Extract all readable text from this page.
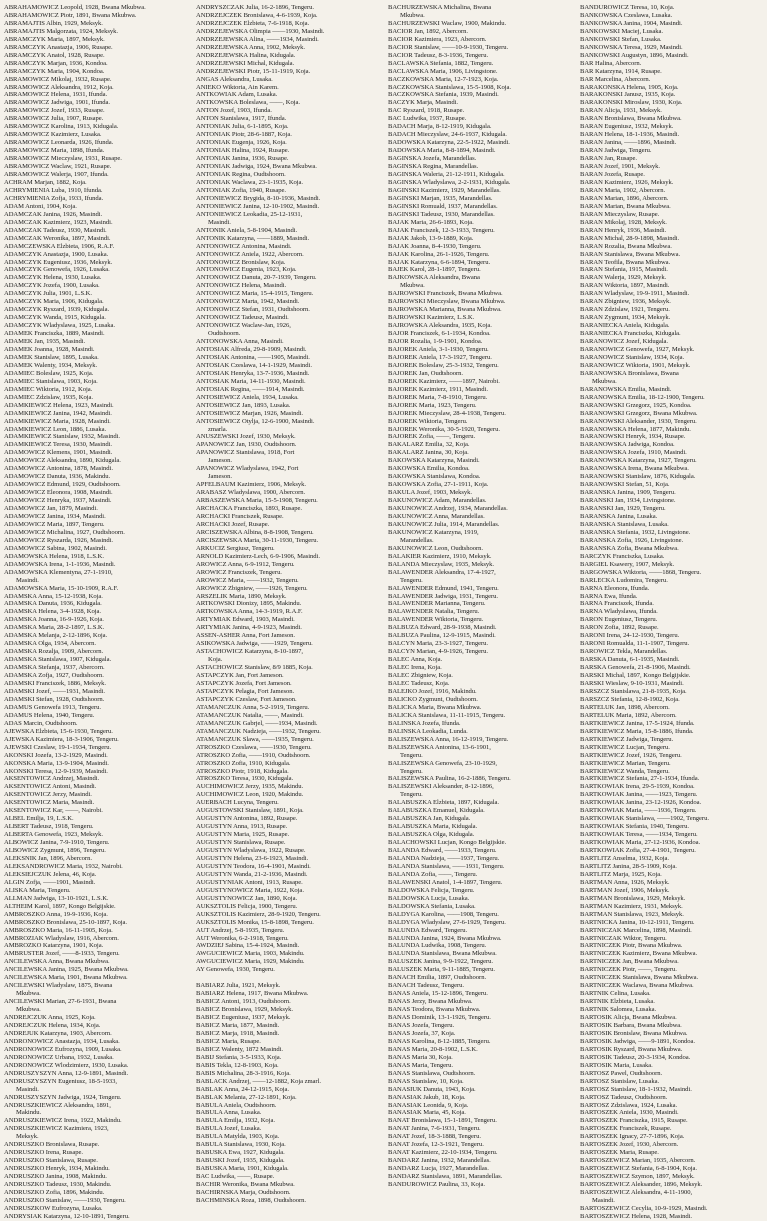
ABRAHAMOWICZ Leopold, 1928, Bwana Mkubwa.
ABRAHAMOWICZ Piotr, 1891, Bwana Mkubwa.
ABRAMAJTIS Albin, 1929, Meksyk.
ABRAMAJTIS Malgorzata, 1924, Meksyk.
ABRAMCZYK Maria, 1897, Meksyk.
ABRAMCZYK Anastazja, 1906, Rusape.
ABRAMCZYK Anatol, 1928, Rusape.
ABRAMCZYK Marjan, 1936, Kondoa.
ABRAMCZYK Maria, 1904, Kondoa.
ABRAMOWICZ Mikolaj, 1932, Rusape.
ABRAMOWICZ Aleksandra, 1912, Koja.
ABRAMOWICZ Helena, 1931, Ifunda.
ABRAMOWICZ Jadwiga, 1901, Ifunda.
ABRAMOWICZ Jozef, 1933, Rusape.
ABRAMOWICZ Julia, 1907, Rusape.
ABRAMOWICZ Karolina, 1913, Kidugala.
ABRAMOWICZ Kazimierz, Lusaka.
ABRAMOWICZ Leonarda, 1926, Ifunda.
ABRAMOWICZ Maria, 1898, Ifunda.
ABRAMOWICZ Mieczyslaw, 1931, Rusape.
ABRAMOWICZ Waclaw, 1921, Rusape.
ABRAMOWICZ Walerja, 1907, Ifunda.
ACHRAM Marjan, 1882, Koja.
ACHRYMIENIA Luba, 1910, Ifunda.
ACHRYMIENIA Zofja, 1933, Ifunda.
ADAM Antoni, 1904, Koja.
ADAMCZAK Janina, 1926, Masindi.
ADAMCZAK Kazimierz, 1923, Masindi.
ADAMCZAK Tadeusz, 1930, Masindi.
ADAMCZAK Weronika, 1897, Masindi.
ADAMCZEWSKA Elzbieta, 1906, R.A.F.
ADAMCZYK Anastazja, 1900, Lusaka.
ADAMCZYK Eugeniusz, 1936, Meksyk.
ADAMCZYK Genowefa, 1926, Lusaka.
ADAMCZYK Helena, 1930, Lusaka.
ADAMCZYK Jozefa, 1900, Lusaka.
ADAMCZYK Julia, 1901, L.S.K.
ADAMCZYK Maria, 1906, Kidugala.
ADAMCZYK Ryszard, 1939, Kidugala.
ADAMCZYK Wanda, 1915, Kidugala.
ADAMCZYK Wladyslawa, 1925, Lusaka.
ADAMEK Franciszka, 1889, Masindi.
ADAMEK Jan, 1935, Masindi.
ADAMEK Joanna, 1928, Masindi.
ADAMEK Stanislaw, 1895, Lusaka.
ADAMEK Walenty, 1934, Meksyk.
ADAMIEC Boleslaw, 1925, Koja.
ADAMIEC Stanislawa, 1903, Koja.
ADAMIEC Wiktoria, 1912, Koja.
ADAMIEC Zdzislaw, 1935, Koja.
ADAMKIEWICZ Helena, 1923, Masindi.
ADAMKIEWICZ Janina, 1942, Masindi.
ADAMKIEWICZ Maria, 1928, Masindi.
ADAMKIEWICZ Leon, 1886, Lusaka.
ADAMKIEWICZ Stanislaw, 1932, Masindi.
ADAMKIEWICZ Teresa, 1930, Masindi.
ADAMOWICZ Klemens, 1901, Masindi.
ADAMOWICZ Aleksandra, 1890, Kidugala.
ADAMOWICZ Antonina, 1878, Masindi.
ADAMOWICZ Danuta, 1936, Makindu.
ADAMOWICZ Edmund, 1929, Oudtshoorn.
ADAMOWICZ Eleonora, 1908, Masindi.
ADAMOWICZ Henryka, 1937, Masindi.
ADAMOWICZ Jan, 1879, Masindi.
ADAMOWICZ Janina, 1934, Masindi.
ADAMOWICZ Maria, 1897, Tengeru.
ADAMOWICZ Michalina, 1927, Oudtshoorn.
ADAMOWICZ Ryszarda, 1926, Masindi.
ADAMOWICZ Sabina, 1902, Masindi.
ADAMOWSKA Helena, 1918, L.S.K.
ADAMOWSKA Irena, 1-1-1936, Masindi.
ADAMOWSKA Klementyna, 27-1-1910,
Masindi.
ADAMOWSKA Maria, 15-10-1909, R.A.F.
ADAMSKA Anna, 15-12-1938, Koja.
ADAMSKA Danuta, 1936, Kidugala.
ADAMSKA Helena, 3-4-1928, Koja.
ADAMSKA Joanna, 16-9-1926, Koja.
ADAMSKA Maria, 28-2-1897, L.S.K.
ADAMSKA Melanja, 2-12-1896, Koja.
ADAMSKA Olga, 1934, Abercorn.
ADAMSKA Rozalja, 1909, Abercorn.
ADAMSKA Stanislawa, 1907, Kidugala.
ADAMSKA Stefanja, 1937, Abercorn.
ADAMSKA Zofja, 1927, Oudtshoorn.
ADAMSKI Franciszek, 1886, Meksyk.
ADAMSKI Jozef, ——1931, Masindi.
ADAMSKI Stefan, 1928, Oudtshoorn.
ADAMUS Genowefa 1913, Tengeru.
ADAMUS Helena, 1940, Tengeru.
ADAS Marcin, Oudtshoorn.
AJEWSKA Elzbieta, 15-6-1930, Tengeru.
AJEWSKA Kazimiera, 18-3-1906, Tengeru.
AJEWSKI Czeslaw, 19-1-1934, Tengeru.
AKONSKI Jozefa, 13-2-1929, Masindi.
AKONSKA Maria, 13-9-1904, Masindi.
AKONSKI Teresa, 12-9-1939, Masindi.
AKSENTOWICZ Andrzej, Masindi.
AKSENTOWICZ Antoni, Masindi.
AKSENTOWICZ Jerzy, Masindi.
AKSENTOWICZ Maria, Masindi.
AKSENTOWICZ Kar, ——, Nairobi.
ALBEL Emilja, 19, L.S.K.
ALBERT Tadeusz, 1918, Tengeru.
ALBERTA Genowefa, 1923, Meksyk.
ALBOWICZ Janina, 7-9-1910, Tengeru.
ALBOWICZ Zygmunt, 1896, Tengeru.
ALEKSNIK Jan, 1896, Abercorn.
ALEKSANDROWICZ Maria, 1932, Nairobi.
ALEKSIEJCZUK Jelena, 46, Koja.
ALGIN Zofja, ——1901, Masindi.
ALISKA Maria, Tengeru.
ALLMAN Jadwiga, 13-10-1921, L.S.K.
ALTHEIM Karol, 1897, Kongo Belgijskie.
AMBROSZKO Anna, 19-9-1936, Koja.
AMBROSZKO Bronislawa, 25-10-1897, Koja.
AMBROSZKO Maria, 16-11-1905, Koja.
AMBROZIAK Wladyslaw, 1916, Abercorn.
AMBROZKO Katarzyna, 1901, Koja.
AMBRUSTER Jozef, ——8-1933, Tengeru.
ANCILEWSKA Anna, Bwana Mkubwa.
ANCILEWSKA Janina, 1925, Bwana Mkubwa.
ANCILEWSKA Maria, 1901, Bwana Mkubwa.
ANCILEWSKI Wladyslaw, 1875, Bwana
Mkubwa.
ANCILEWSKI Marian, 27-6-1931, Bwana
Mkubwa.
ANDREJCZUK Anna, 1925, Koja.
ANDREJCZUK Helena, 1934, Koja.
ANDREJUK Katarzyna, 1903, Abercorn.
ANDRONOWICZ Anastazja, 1934, Lusaka.
ANDRONOWICZ Eufrozyna, 1909, Lusaka.
ANDRONOWICZ Urbana, 1932, Lusaka.
ANDRONOWICZ Wlodzimierz, 1930, Lusaka.
ANDRUSZYSZYN Anna, 12-9-1891, Masindi.
ANDRUSZYSZYN Eugeniusz, 18-5-1933,
Masindi.
ANDRUSZYSZYN Jadwiga, 1924, Tengeru.
ANDRUSZKIEWICZ Aleksandra, 1891,
Makindu.
ANDRUSZKIEWICZ Irena, 1922, Makindu.
ANDRUSZKIEWICZ Kazimiera, 1923,
Meksyk.
ANDRUSZKO Bronislawa, Rusape.
ANDRUSZKO Irena, Rusape.
ANDRUSZKO Stanislawa, Rusape.
ANDRUSZKO Henryk, 1934, Makindu.
ANDRUSZKO Janina, 1908, Makindu.
ANDRUSZKO Tadeusz, 1930, Makindu.
ANDRUSZKO Zofia, 1896, Makindu.
ANDRUSZKO Stanislaw, ——1930, Tengeru.
ANDRUSZKOW Eufrozyna, Lusaka.
ANDRYSIAK Katarzyna, 12-10-1891, Tengeru.
ANDRYSZCZAK Julia, 16-2-1896, Tengeru.
ANDRZEJCZEK Bronislawa, 4-6-1939, Koja.
ANDRZEJCZEK Elzbieta, 7-6-1918, Koja.
ANDRZEJEWSKA Olimpia ——1930, Masindi.
ANDRZEJEWSKA Alina, ——1934, Masindi.
ANDRZEJEWSKA Anna, 1902, Meksyk.
ANDRZEJEWSKA Halina, Kidugala.
ANDRZEJEWSKI Michal, Kidugala.
ANDRZEJEWSKI Piotr, 15-11-1919, Koja.
ANGAS Aleksandra, Lusaka.
ANIEKO Wiktoria, Ain Karem.
ANTKOWIAK Adam, Lusaka.
ANTKOWSKA Boleslawa, ——, Koja.
ANTON Jozef, 1903, Ifunda.
ANTON Stanislawa, 1917, Ifunda.
ANTONIAK Julia, 6-1-1895, Koja.
ANTONIAK Piotr, 28-6-1887, Koja.
ANTONIAK Eugenja, 1926, Koja.
ANTONIAK Halina, 1924, Rusape.
ANTONIAK Janina, 1936, Rusape.
ANTONIAK Jadwiga, 1924, Bwana Mkubwa.
ANTONIAK Regina, Oudtshoorn.
ANTONIAK Waclawa, 23-1-1935, Koja.
ANTONIAK Zofia, 1940, Rusape.
ANTONIEWICZ Brygida, 8-10-1936, Masindi.
ANTONIEWICZ Janina, 12-10-1902, Masindi.
ANTONIEWICZ Leokadia, 25-12-1931,
Masindi.
ANTONIK Aniela, 5-8-1904, Masindi.
ANTONIK Katarzyna, ——1889, Masindi.
ANTONOWICZ Antonina, Masindi.
ANTONOWICZ Aniela, 1922, Abercorn.
ANTONOWICZ Bronislaw, Koja.
ANTONOWICZ Eugenia, 1923, Koja.
ANTONOWICZ Danuta, 20-7-1939, Tengeru.
ANTONOWICZ Helena, Masindi.
ANTONOWICZ Maria, 15-4-1915, Tengeru.
ANTONOWICZ Marta, 1942, Masindi.
ANTONOWICZ Stefan, 1931, Oudtshoorn.
ANTONOWICZ Tadeusz, Masindi.
ANTONOWICZ Waclaw-Jan, 1926,
Oudtshoorn.
ANTONOWSKA Anna, Masindi.
ANTOSIAK Alfreda, 29-8-1909, Masindi.
ANTOSIAK Antonina, ——1905, Masindi.
ANTOSIAK Czeslawa, 14-1-1929, Masindi.
ANTOSIAK Henryka, 13-7-1936, Masindi.
ANTOSIAK Maria, 14-11-1930, Masindi.
ANTOSIAK Regina, ——1914, Masindi.
ANTOSIEWICZ Aniela, 1934, Lusaka.
ANTOSIEWICZ Jan, 1893, Lusaka.
ANTOSIEWICZ Marjan, 1926, Masindi.
ANTOSIEWICZ Otylja, 12-6-1900, Masindi.
zmarla.
ANUSZEWSKI Jozef, 1930, Meksyk.
APANOWICZ Jan, 1930, Oudtshoorn.
APANOWICZ Stanislawa, 1918, Fort
Jameson.
APANOWICZ Wladyslawa, 1942, Fort
Jameson.
APFELBAUM Kazimierz, 1906, Meksyk.
ARABASZ Wladyslawa, 1900, Abercorn.
ARBASZEWSKA Maria, 15-5-1908, Tengeru.
ARCHACKA Franciszka, 1893, Rusape.
ARCHACKI Franciszek, Rusape.
ARCHACKI Jozef, Rusape.
ARCISZEWSKA Albina, 8-8-1908, Tengeru.
ARCISZEWSKA Maria, 30-11-1930, Tengeru.
ARKUCIZ Sergiusz, Tengeru.
ARNOLD Kazimierz-Lech, 6-9-1906, Masindi.
AROWICZ Anna, 6-9-1912, Tengeru.
AROWICZ Franciszek, Tengeru.
AROWICZ Maria, ——1932, Tengeru.
AROWICZ Zbigniew, ——1926, Tengeru.
ARSZELIK Maria, 1890, Meksyk.
ARTKOWSKI Dionizy, 1895, Makindu.
ARTKOWSKA Anna, 14-3-1919, R.A.F.
ARTYMIAK Edward, 1903, Masindi.
ARTYMIAK Janina, 4-9-1923, Masindi.
ASSEN-ASHER Anna, Fort Jameson.
ASIKOWSKA Jadwiga, ——1929, Tengeru.
ASTACHOWICZ Katarzyna, 8-10-1897,
Koja.
ASTACHOWICZ Stanislaw, 8/9 1885, Koja.
ASTAPCZYK Jan, Fort Jameson.
ASTAPCZYK Jozefa, Fort Jameson.
ASTAPCZYK Pelagia, Fort Jameson.
ASTAPCZYK Czeslaw, Fort Jameson.
ATAMANCZUK Anna, 5-2-1919, Tengeru.
ATAMANCZUK Natalia, ——, Masindi.
ATAMANCZUK Gabrjel, ——1934, Masindi.
ATAMANCZUK Nadzieja, ——1932, Tengeru.
ATAMANCZUK Slawa, ——1935, Tengeru.
ATROSZKO Czeslawa, ——1930, Tengeru.
ATROSZKO Zofia, ——1910, Oudtshoorn.
ATROSZKO Zofia, 1910, Kidugala.
ATROSZKO Piotr, 1918, Kidugala.
ATROSZKO Teresa, 1930, Kidugala.
AUCHIMOWICZ Jerzy, 1935, Makindu.
AUCHIMOWICZ Leon, 1920, Makindu.
AUERBACH Lucyna, Tengeru.
AUGUSTOWSKI Stanislaw, 1891, Koja.
AUGUSTYN Antonina, 1892, Rusape.
AUGUSTYN Anna, 1913, Rusape.
AUGUSTYN Maria, 1925, Rusape.
AUGUSTYN Stanislawa, Rusape.
AUGUSTYN Wladyslawa, 1922, Rusape.
AUGUSTYN Helena, 23-6-1923, Masindi.
AUGUSTYN Teodora, 16-4-1901, Masindi.
AUGUSTYN Wanda, 21-2-1936, Masindi.
AUGUSTYNIAK Antoni, 1913, Rusape.
AUGUSTYNOWICZ Maria, 1922, Koja.
AUGUSTYNOWICZ Jan, 1890, Koja.
AUKSZTOLIS Felicja, 1900, Tengeru.
AUKSZTOLIS Kazimierz, 28-9-1920, Tengeru.
AUKSZTOLIS Monika, 15-8-1898, Tengeru.
AUT Andrzej, 5-8-1935, Tengeru.
AUT Weronika, 6-2-1918, Tengeru.
AWDZIEJ Sabina, 15-4-1924, Masindi.
AWGUCIEWICZ Maria, 1903, Makindu.
AWGUCIEWICZ Maria, 1929, Makindu.
AY Genowefa, 1930, Tengeru.

BABIARZ Julia, 1921, Meksyk.
BABIARZ Helena, 1917, Bwana Mkubwa.
BABICZ Antoni, 1913, Oudtshoorn.
BABICZ Bronislawa, 1929, Meksyk.
BABICZ Eugeniusz, 1937, Meksyk.
BABICZ Maria, 1877, Masindi.
BABICZ Marja, 1918, Masindi.
BABICZ Maria, Rusape.
BABICZ Walenty, 1872 Masindi.
BABIJ Stefania, 3-5-1933, Koja.
BABIS Tekla, 12-8-1903, Koja.
BABIS Michalina, 28-3-1916, Koja.
BABLACK Andrzej, ——12-1882, Koja zmarl.
BABLAK Anna, 24-12-1915, Koja.
BABLAK Melania, 27-12-1891, Koja.
BABULA Aniela, Oudtshoorn.
BABULA Anna, Lusaka.
BABULA Emilja, 1932, Koja.
BABULA Jozef, Lusaka.
BABULA Matylda, 1903, Koja.
BABULA Stanislawa, 1930, Koja.
BABUSKA Ewa, 1927, Kidugala.
BABUSKI Jozef, 1935, Kidugala.
BABUSKA Maria, 1901, Kidugala.
BAC Ludwika, ——, Rusape.
BACHIR Weronika, Bwana Mkubwa.
BACHIRNSKA Marja, Oudtshoorn.
BACHMINSKA Roza, 1898, Oudtshoorn.
BACHURZEWSKA Michalina, Bwana
Mkubwa.
BACHURZEWSKI Waclaw, 1900, Makindu.
BACIOR Jan, 1892, Abercorn.
BACIOR Kazimiera, 1923, Abercorn.
BACIOR Stanislaw, ——10-9-1930, Tengeru.
BACIOR Tadeusz, 8-3-1936, Tengeru.
BACLAWSKA Stefania, 1882, Tengeru.
BACLAWSKA Maria, 1906, Livingstone.
BACZKOWSKA Maria, 12-7-1923, Koja.
BACZKOWSKA Stanislawa, 15-5-1908, Koja.
BACZKOWSKA Stefania, 1939, Masindi.
BACZYK Marja, Masindi.
BAC Ryszard, 1918, Rusape.
BAC Ludwika, 1937, Rusape.
BADACH Marja, 8-12-1919, Kidugala.
BADACH Mieczyslaw, 24-6-1937, Kidugala.
BADOWSKA Katarzyna, 22-5-1922, Masindi.
BADOWSKA Maria, 8-8-1894, Masindi.
BAGINSKA Jozefa, Marandellas.
BAGINSKA Regina, Marandellas.
BAGINSKA Waleria, 21-12-1911, Kidugala.
BAGINSKA Wladyslawa, 2-2-1931, Kidugala.
BAGINSKI Kazimierz, 1929, Marandellas.
BAGINSKI Marjan, 1935, Marandellas.
BAGINSKI Romuald, 1937, Marandellas.
BAGINSKI Tadeusz, 1930, Marandellas.
BAJAK Maria, 26-6-1893, Koja.
BAJAK Franciszek, 12-3-1933, Tengeru.
BAJAK Jakob, 13-9-1889, Koja.
BAJAK Joanna, 8-4-1930, Tengeru.
BAJAK Karolina, 26-1-1926, Tengeru.
BAJAK Katarzyna, 6-6-1894, Tengeru.
BAJEK Karol, 28-1-1897, Tengeru.
BAJKOWSKA Aleksandra, Bwana
Mkubwa.
BAJROWSKI Franciszek, Bwana Mkubwa.
BAJROWSKI Mieczyslaw, Bwana Mkubwa.
BAJROWSKA Marianna, Bwana Mkubwa.
BAJROWSKI Kazimierz, L.S.K.
BAJROWSKA Aleksandra, 1935, Koja.
BAJOR Franciszek, 6-1-1934, Kondoa.
BAJOR Rozalia, 1-9-1901, Kondoa.
BAJOREK Aniela, 3-1-1930, Tengeru.
BAJOREK Aniela, 17-3-1927, Tengeru.
BAJOREK Boleslaw, 25-3-1932, Tengeru.
BAJOREK Jan, Oudtshoorn.
BAJOREK Kazimierz, ——1897, Nairobi.
BAJOREK Kazimierz, 1911, Masindi.
BAJOREK Maria, 7-8-1910, Tengeru.
BAJOREK Maria, 1923, Tengeru.
BAJOREK Mieczyslaw, 28-4-1938, Tengeru.
BAJOREK Wiktoria, Tengeru.
BAJOREK Weronika, 30-5-1920, Tengeru.
BAJOREK Zofia, ——, Tengeru.
BAKALARZ Emilia, 32, Koja.
BAKALARZ Janina, 30, Koja.
BAKOWSKA Katarzyna, Masindi.
BAKOWSKA Emilia, Kondoa.
BAKOWSKA Stanislawa, Kondoa.
BAKOWSKA Zofia, 27-1-1911, Koja.
BAKULA Jozef, 1903, Meksyk.
BAKUNOWICZ Adam, Marandellas.
BAKUNOWICZ Andrzej, 1934, Marandellas.
BAKUNOWICZ Anna, Marandellas.
BAKUNOWICZ Julia, 1914, Marandellas.
BAKUNOWICZ Katarzyna, 1919,
Marandellas.
BAKUNOWICZ Leon, Oudtshoorn.
BALAKIER Kazimierz, 1910, Meksyk.
BALANDA Mieczyslaw, 1935, Meksyk.
BALAWENDER Aleksandra, 17-4-1927,
Tengeru.
BALAWENDER Edmund, 1941, Tengeru.
BALAWENDER Jadwiga, 1931, Tengeru.
BALAWENDER Marianna, Tengeru.
BALAWENDER Natalia, Tengeru.
BALAWENDER Wiktoria, Tengeru.
BALBUZA Edward, 28-9-1938, Masindi.
BALBUZA Paulina, 12-9-1915, Masindi.
BALCYN Maria, 23-3-1927, Tengeru.
BALCYN Marian, 4-9-1926, Tengeru.
BALEC Anna, Koja.
BALEC Irena, Koja.
BALEC Zbigniew, Koja.
BALEC Tadeusz, Koja.
BALEJKO Jozef, 1916, Makindu.
BALICKO Zygmunt, Oudtshoorn.
BALICKA Maria, Bwana Mkubwa.
BALICKA Stanislawa, 11-11-1915, Tengeru.
BALINSKA Jozefa, Ifunda.
BALINSKA Leokadia, Lunda.
BALISZEWSKA Anna, 16-12-1919, Tengeru.
BALISZEWSKA Antonina, 13-6-1901,
Tengeru.
BALISZEWSKA Genowefa, 23-10-1929,
Tengeru.
BALISZEWSKA Paulina, 16-2-1886, Tengeru.
BALISZEWSKI Aleksander, 8-12-1896,
Tengeru.
BALABUSZKA Elzbieta, 1897, Kidugala.
BALABUSZKA Emanuel, Kidugala.
BALABUSZKA Jan, Kidugala.
BALABUSZKA Maria, Kidugala.
BALABUSZKA Olga, Kidugala.
BALACHOWSKI Lucjan, Kongo Belgijskie.
BALANDA Edward, ——1933, Tengeru.
BALANDA Nadzieja, ——1937, Tengeru.
BALANDA Stanislawa, ——1931, Tengeru.
BALANDA Zofia, ——, Tengeru.
BALAWENSKI Anatol, 1-4-1897, Tengeru.
BALDOWSKA Felicja, Tengeru.
BALDOWSKA Lucja, Lusaka.
BALDOWSKA Stefania, Lusaka.
BALDYGA Karolina, ——1908, Tengeru.
BALDYGA Wladyslaw, 27-6-1929, Tengeru.
BALUNDA Edward, Tengeru.
BALUNDA Janina, 1924, Bwana Mkubwa.
BALUNDA Ludwika, 1908, Tengeru.
BALUNDA Stanislawa, Bwana Mkubwa.
BALUSZEK Janina, 9-9-1922, Tengeru.
BALUSZEK Maria, 9-11-1885, Tengeru.
BANACH Emilia, 1897, Oudtshoorn.
BANACH Tadeusz, Tengeru.
BANAS Aniela, 15-12-1896, Tengeru.
BANAS Jerzy, Bwana Mkubwa.
BANAS Teodora, Bwana Mkubwa.
BANAS Dominik, 13-1-1926, Tengeru.
BANAS Jozefa, Tengeru.
BANAS Jozefa, 37, Koja.
BANAS Karolina, 8-12-1885, Tengeru.
BANAS Maria, 20-8-1902, L.S.K.
BANAS Maria 30, Koja.
BANAS Maria, Tengeru.
BANAS Stanislawa, Oudtshoorn.
BANAS Stanislaw, 10, Koja.
BANASIUK Danuta, 1943, Koja.
BANASIAK Jakub, 18, Koja.
BANASIAK Leonida, 9, Koja.
BANASIAK Maria, 45, Koja.
BANAT Bronislawa, 15-1-1891, Tengeru.
BANAT Janina, 7-6-1931, Tengeru.
BANAT Jozef, 18-3-1888, Tengeru.
BANAT Jozefa, 12-3-1921, Tengeru.
BANAT Kazimierz, 22-10-1934, Tengeru.
BANDARZ Janina, 1932, Marandellas.
BANDARZ Lucja, 1927, Marandellas.
BANDARZ Stanislawa, 1891, Marandellas.
BANDUROWICZ Paulina, 33, Koja.
BANDUROWICZ Teresa, 10, Koja.
BANKOWSKA Czeslawa, Lusaka.
BANKOWSKA Janina, 1904, Masindi.
BANKOWSKI Maciej, Lusaka.
BANKOWSKI Stefan, Lusaka.
BANKOWSKA Teresa, 1929, Masindi.
BANKOWSKI Augustyn, 1896, Masindi.
BAR Halina, Abercorn.
BAR Katarzyna, 1914, Rusape.
BAR Marcelina, Abercorn.
BARAKONSKA Helena, 1905, Koja.
BARAKONSKI Janusz, 1935, Koja.
BARAKONSKI Miroslaw, 1930, Koja.
BARAN Alicja, 1931, Meksyk.
BARAN Bronislawa, Bwana Mkubwa.
BARAN Eugeniusz, 1932, Meksyk.
BARAN Helena, 18-1-1936, Masindi.
BARAN Janina, ——1896, Masindi.
BARAN Jadwiga, Tengeru.
BARAN Jan, Rusape.
BARAN Jozef, 1901, Meksyk.
BARAN Jozefa, Rusape.
BARAN Kazimierz, 1926, Meksyk.
BARAN Maria, 1902, Abercorn.
BARAN Marian, 1896, Abercorn.
BARAN Marian, Bwana Mkubwa.
BARAN Mieczyslaw, Rusape.
BARAN Mikolaj, 1928, Meksyk.
BARAN Henryk, 1936, Masindi.
BARAN Michal, 28-9-1898, Masindi.
BARAN Rozalia, Bwana Mkubwa.
BARAN Stanislawa, Bwana Mkubwa.
BARAN Teofila, Bwana Mkubwa.
BARAN Stefania, 1915, Masindi.
BARAN Walerja, 1929, Meksyk.
BARAN Wiktoria, 1897, Masindi.
BARAN Wladyslaw, 19-9-1911, Masindi.
BARAN Zbigniew, 1936, Meksyk.
BARAN Zdzislaw, 1921, Tengeru.
BARAN Zygmunt, 1934, Meksyk.
BARANIECKA Aniela, Kidugala.
BARANIECKA Franciszka, Kidugala.
BARANOWICZ Jozef, Kidugala.
BARANOWICZ Genowefa, 1927, Meksyk.
BARANOWICZ Stanislaw, 1934, Koja.
BARANOWICZ Wiktoria, 1901, Meksyk.
BARANOWSKA Bronislawa, Bwana
Mkubwa.
BARANOWSKA Emilia, Masindi.
BARANOWSKA Emilia, 18-12-1900, Tengeru.
BARANOWSKI Grzegorz, 1925, Kondoa.
BARANOWSKI Grzegorz, Bwana Mkubwa.
BARANOWSKI Aleksander, 1930, Tengeru.
BARANOWSKA Helena, 1877, Makindu.
BARANOWSKI Henryk, 1934, Rusape.
BARANOWSKA Jadwiga, Kondoa.
BARANOWSKA Jozefa, 1910, Masindi.
BARANOWSKA Katarzyna, 1927, Tengeru.
BARANOWSKA Irena, Bwana Mkubwa.
BARANOWSKI Stanislaw, 1876, Kidugala.
BARANOWSKI Stefan, 51, Koja.
BARANSKA Janina, 1909, Tengeru.
BARANSKI Jan, 1934, Livingstone.
BARANSKI Jan, 1929, Tengeru.
BARANSKA Janina, Lusaka.
BARANSKA Stanislawa, Lusaka.
BARANSKA Stefania, 1932, Livingstone.
BARANSKA Zofia, 1926, Livingstone.
BARANSKA Zofia, Bwana Mkubwa.
BARCZYK Franciszka, Lusaka.
BARGIEL Ksawery, 1907, Meksyk.
BARGOWSKA Wiktoria, ——1868, Tengeru.
BARLECKA Ludomira, Tengeru.
BARNA Eleonora, Ifunda.
BARNA Ewa, Ifunda.
BARNA Franciszek, Ifunda.
BARNA Wladyslawa, Ifunda.
BARON Eugeniusz, Tengeru.
BARON Zofia, 1892, Rusape.
BARONI Irena, 24-12-1930, Tengeru.
BARONI Romualda, 11-1-1907, Tengeru.
BAROWICZ Tekla, Marandellas.
BARSKA Danuta, 6-1-1935, Masindi.
BARSKA Genowefa, 21-8-1906, Masindi.
BARSKI Michal, 1897, Kongo Belgijskie.
BARSKI Wieslaw, 9-10-1931, Masindi.
BARSZCZ Stanislawa, 21-8-1935, Koja.
BARSZCZ Stefania, 12-8-1902, Koja.
BARTELUK Jan, 1898, Abercorn.
BARTELUK Maria, 1892, Abercorn.
BARTKIEWICZ Janina, 17-5-1924, Ifunda.
BARTKIEWICZ Maria, 15-8-1886, Ifunda.
BARTKIEWICZ Jadwiga, Tengeru.
BARTKIEWICZ Lucjan, Tengeru.
BARTKIEWICZ Jozef, 1926, Tengeru.
BARTKIEWICZ Marian, Tengeru.
BARTKIEWICZ Wanda, Tengeru.
BARTKIEWICZ Stefania, 27-1-1934, Ifunda.
BARTKOWIAK Irena, 29-5-1939, Kondoa.
BARTKOWIAK Janina, ——1923, Tengeru.
BARTKOWIAK Janina, 23-12-1926, Kondoa.
BARTKOWIAK Maria, ——1936, Tengeru.
BARTKOWIAK Stanislawa, ——1902, Tengeru.
BARTKOWIAK Stefania, 1940, Tengeru.
BARTKOWIAK Teresa, ——1934, Tengeru.
BARTKOWIAK Maria, 27-12-1936, Kondoa.
BARTKOWIAK Zofia, 27-4-1901, Tengeru.
BARTLITZ Anselma, 1932, Koja.
BARTLITZ Janina, 28-5-1909, Koja.
BARTLITZ Marja, 1925, Koja.
BARTMAN Anna, 1926, Meksyk.
BARTMAN Jozef, 1906, Meksyk.
BARTMAN Bronislawa, 1929, Meksyk.
BARTMAN Kazimierz, 1931, Meksyk.
BARTMAN Stanislawa, 1923, Meksyk.
BARTNICKA Janina, 10-12-1911, Tengeru.
BARTNICZAK Marcelina, 1898, Masindi.
BARTNICZAK Wiktor, Tengeru.
BARTNICZEK Piotr, Bwana Mkubwa.
BARTNICZEK Kazimierz, Bwana Mkubwa.
BARTNICZEK Jan, Bwana Mkubwa.
BARTNICZEK Piotr, ——, Tengeru.
BARTNICZEK Stanislawa, Bwana Mkubwa.
BARTNICZEK Waclawa, Bwana Mkubwa.
BARTNIK Celina, Lusaka.
BARTNIK Elzbieta, Lusaka.
BARTNIK Salomea, Lusaka.
BARTOSIK Alicja, Bwana Mkubwa.
BARTOSIK Barbara, Bwana Mkubwa.
BARTOSIK Bronislaw, Bwana Mkubwa.
BARTOSIK Jadwiga, ——9-1891, Kondoa.
BARTOSIK Ryszard, Bwana Mkubwa.
BARTOSIK Tadeusz, 20-3-1934, Kondoa.
BARTOSIK Maria, Lusaka.
BARTOSZ Pawel, Oudtshoorn.
BARTOSZ Stanislaw, Lusaka.
BARTOSZ Stanislaw, 18-1-1932, Masindi.
BARTOSZ Tadeusz, Oudtshoorn.
BARTOSZ Zdzislawa, 1924, Lusaka.
BARTOSZEK Aniela, 1930, Masindi.
BARTOSZEK Franciszka, 1915, Rusape.
BARTOSZEK Franciszek, Rusape.
BARTOSZEK Ignacy, 27-7-1896, Koja.
BARTOSZEK Jozef, 1930, Abercorn.
BARTOSZEK Maria, Rusape.
BARTOSZEWICZ Marian, 1935, Abercorn.
BARTOSZEWICZ Stefania, 6-8-1904, Koja.
BARTOSZEWICZ Szymon, 1897, Meksyk.
BARTOSZEWICZ Aleksander, 1896, Meksyk.
BARTOSZEWICZ Aleksandra, 4-11-1900,
Masindi.
BARTOSZEWICZ Cecylia, 10-9-1929, Masindi.
BARTOSZEWICZ Helena, 1928, Masindi.
